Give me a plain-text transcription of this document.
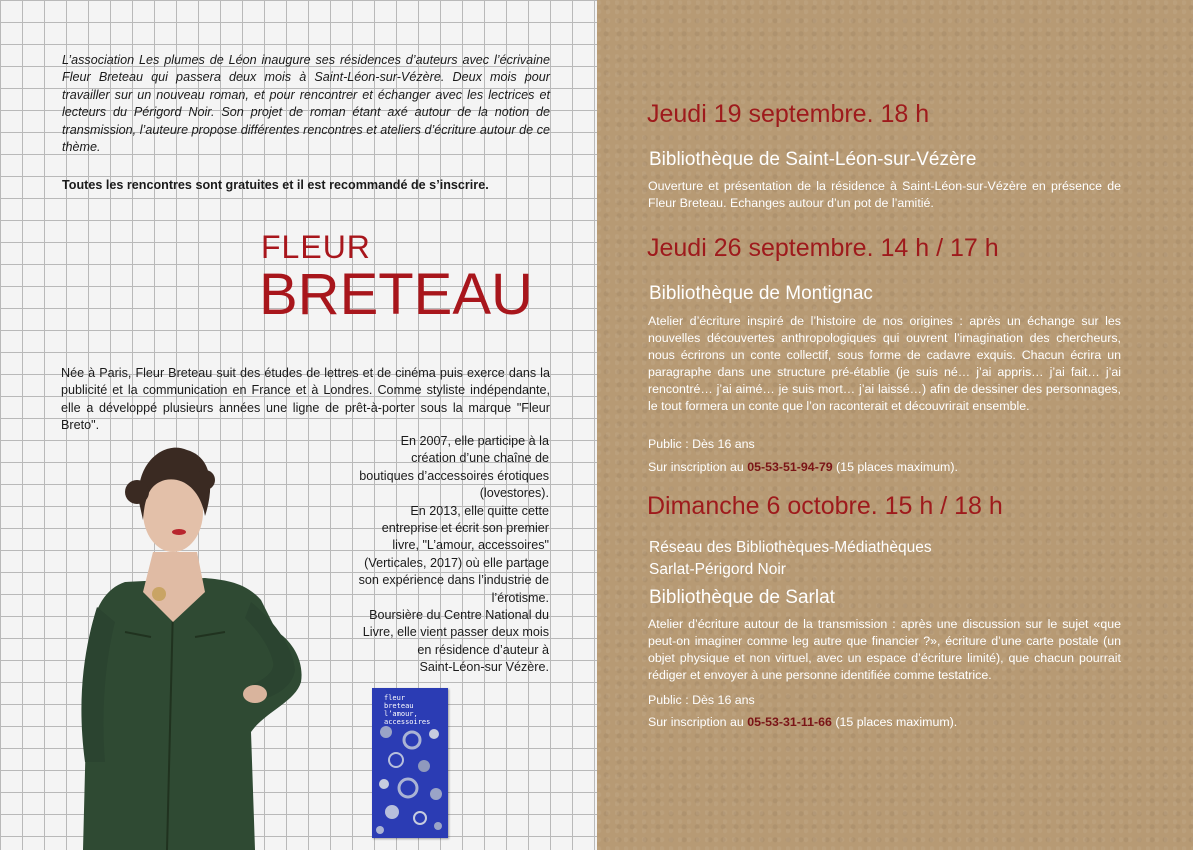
L’association Les plumes de Léon inaugure ses résidences d’auteurs avec l’écrivaine Fleur Breteau qui passera deux mois à Saint-Léon-sur-Vézère. Deux mois pour travailler sur un nouveau roman, et pour rencontrer et échanger avec les lectrices et lecteurs du Périgord Noir. Son projet de roman étant axé autour de la notion de transmission, l’auteure propose différentes rencontres et ateliers d’écriture autour de ce thème.

Toutes les rencontres sont gratuites et il est recommandé de s’inscrire.

FLEUR
BRETEAU

Née à Paris, Fleur Breteau suit des études de lettres et de cinéma puis exerce dans la publicité et la communication en France et à Londres. Comme styliste indépendante, elle a développé plusieurs années une ligne de prêt-à-porter sous la marque "Fleur Breto".

En 2007, elle participe à la
création d’une chaîne de
boutiques d’accessoires érotiques
(lovestores).
En 2013, elle quitte cette
entreprise et écrit son premier
livre, "L’amour, accessoires"
(Verticales, 2017) où elle partage
son expérience dans l’industrie de
l’érotisme.
Boursière du Centre National du
Livre, elle vient passer deux mois
en résidence d’auteur à
Saint-Léon-sur Vézère.

fleur
breteau
l’amour,
accessoires

Jeudi 19 septembre. 18 h

Bibliothèque de Saint-Léon-sur-Vézère

Ouverture et présentation de la résidence à Saint-Léon-sur-Vézère en présence de Fleur Breteau. Echanges autour d’un pot de l’amitié.

Jeudi 26 septembre. 14 h / 17 h

Bibliothèque de Montignac

Atelier d’écriture inspiré de l’histoire de nos origines : après un échange sur les nouvelles découvertes anthropologiques qui ouvrent l’imagination des chercheurs, nous écrirons un conte collectif, sous forme de cadavre exquis. Chacun écrira un paragraphe dans une structure pré-établie (je suis né… j’ai appris… j’ai fait… j’ai rencontré… j’ai aimé… je suis mort… j’ai laissé…) afin de dessiner des personnages, le tout formera un conte que l’on raconterait et découvrirait ensemble.

Public : Dès 16 ans

Sur inscription au 05-53-51-94-79 (15 places maximum).

Dimanche 6 octobre. 15 h / 18 h

Réseau des Bibliothèques-Médiathèques

Sarlat-Périgord Noir

Bibliothèque de Sarlat

Atelier d’écriture autour de la transmission : après une discussion sur le sujet «que peut-on imaginer comme leg autre que financier ?», écriture d’une carte postale (un objet physique et non virtuel, avec un espace d’écriture limité), que chacun pourrait rédiger et envoyer à une personne identifiée comme testatrice.

Public : Dès 16 ans

Sur inscription au 05-53-31-11-66 (15 places maximum).
